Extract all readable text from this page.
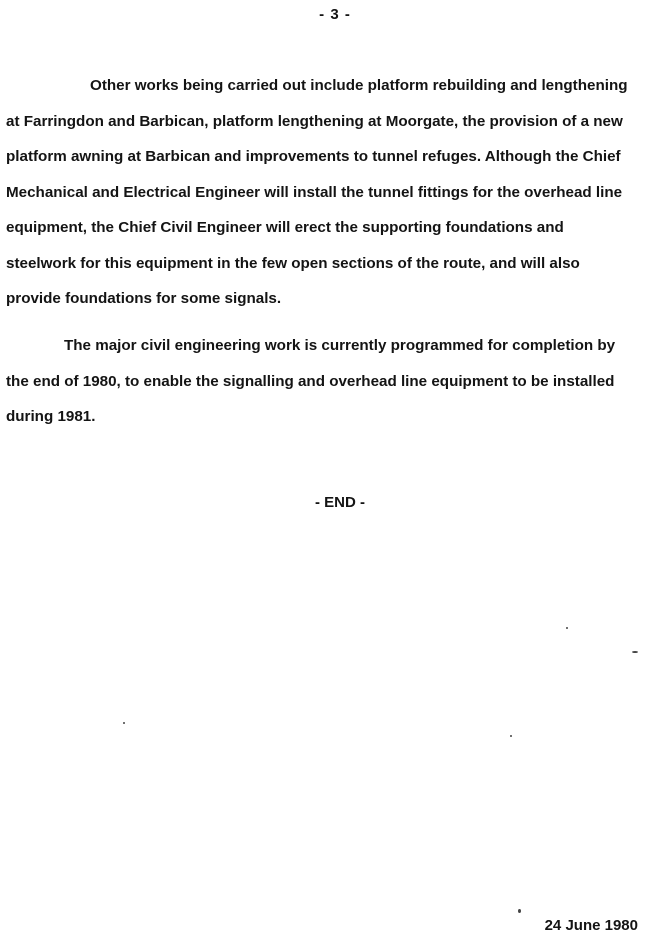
- 3 -

Other works being carried out include platform rebuilding and lengthening at Farringdon and Barbican, platform lengthening at Moorgate, the provision of a new platform awning at Barbican and improvements to tunnel refuges. Although the Chief Mechanical and Electrical Engineer will install the tunnel fittings for the overhead line equipment, the Chief Civil Engineer will erect the supporting foundations and steelwork for this equipment in the few open sections of the route, and will also provide foundations for some signals.

The major civil engineering work is currently programmed for completion by the end of 1980, to enable the signalling and overhead line equipment to be installed during 1981.

- END -
24 June 1980
